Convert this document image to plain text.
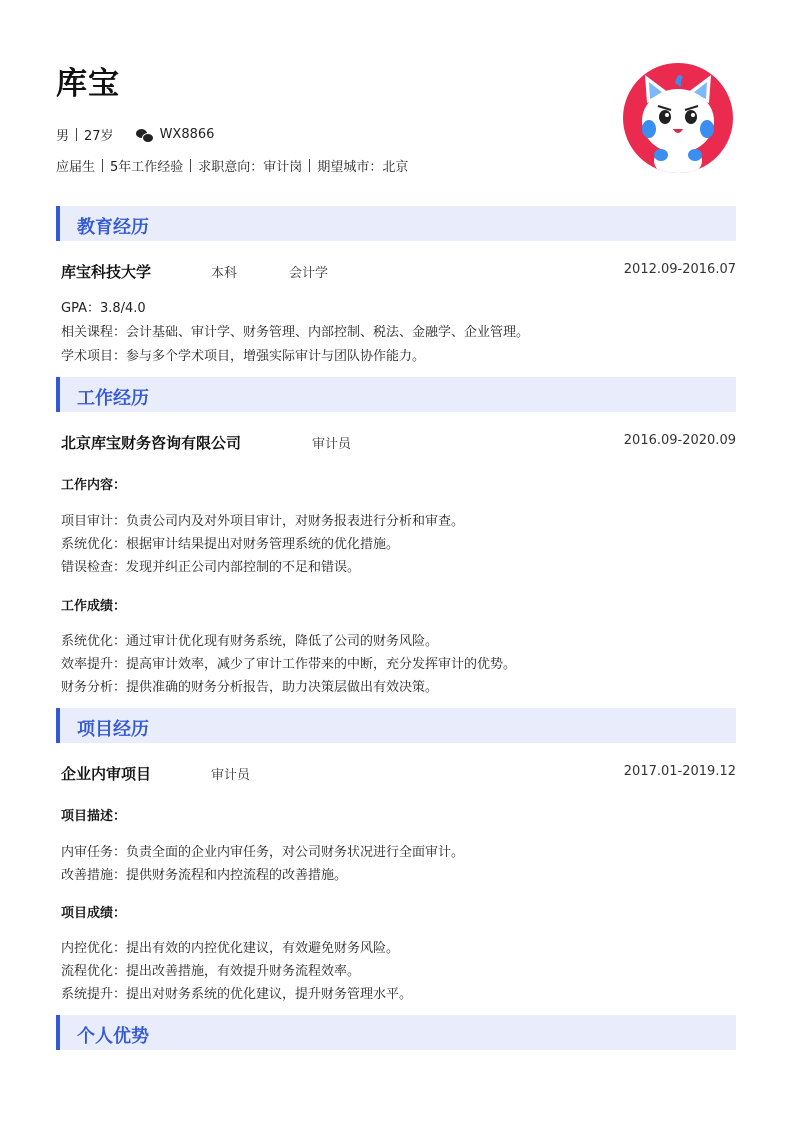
库宝
男 27岁	WX8866
应届生 5年工作经验 求职意向：审计岗 期望城市：北京
教育经历
库宝科技大学	本科	会计学	2012.09-2016.07
GPA：3.8/4.0
相关课程：会计基础、审计学、财务管理、内部控制、税法、金融学、企业管理。
学术项目：参与多个学术项目，增强实际审计与团队协作能力。
工作经历
北京库宝财务咨询有限公司	审计员	2016.09-2020.09
工作内容：
项目审计：负责公司内及对外项目审计，对财务报表进行分析和审查。
系统优化：根据审计结果提出对财务管理系统的优化措施。
错误检查：发现并纠正公司内部控制的不足和错误。
工作成绩：
系统优化：通过审计优化现有财务系统，降低了公司的财务风险。
效率提升：提高审计效率，减少了审计工作带来的中断，充分发挥审计的优势。
财务分析：提供准确的财务分析报告，助力决策层做出有效决策。
项目经历
企业内审项目	审计员	2017.01-2019.12
项目描述：
内审任务：负责全面的企业内审任务，对公司财务状况进行全面审计。
改善措施：提供财务流程和内控流程的改善措施。
项目成绩：
内控优化：提出有效的内控优化建议，有效避免财务风险。
流程优化：提出改善措施，有效提升财务流程效率。
系统提升：提出对财务系统的优化建议，提升财务管理水平。
个人优势
